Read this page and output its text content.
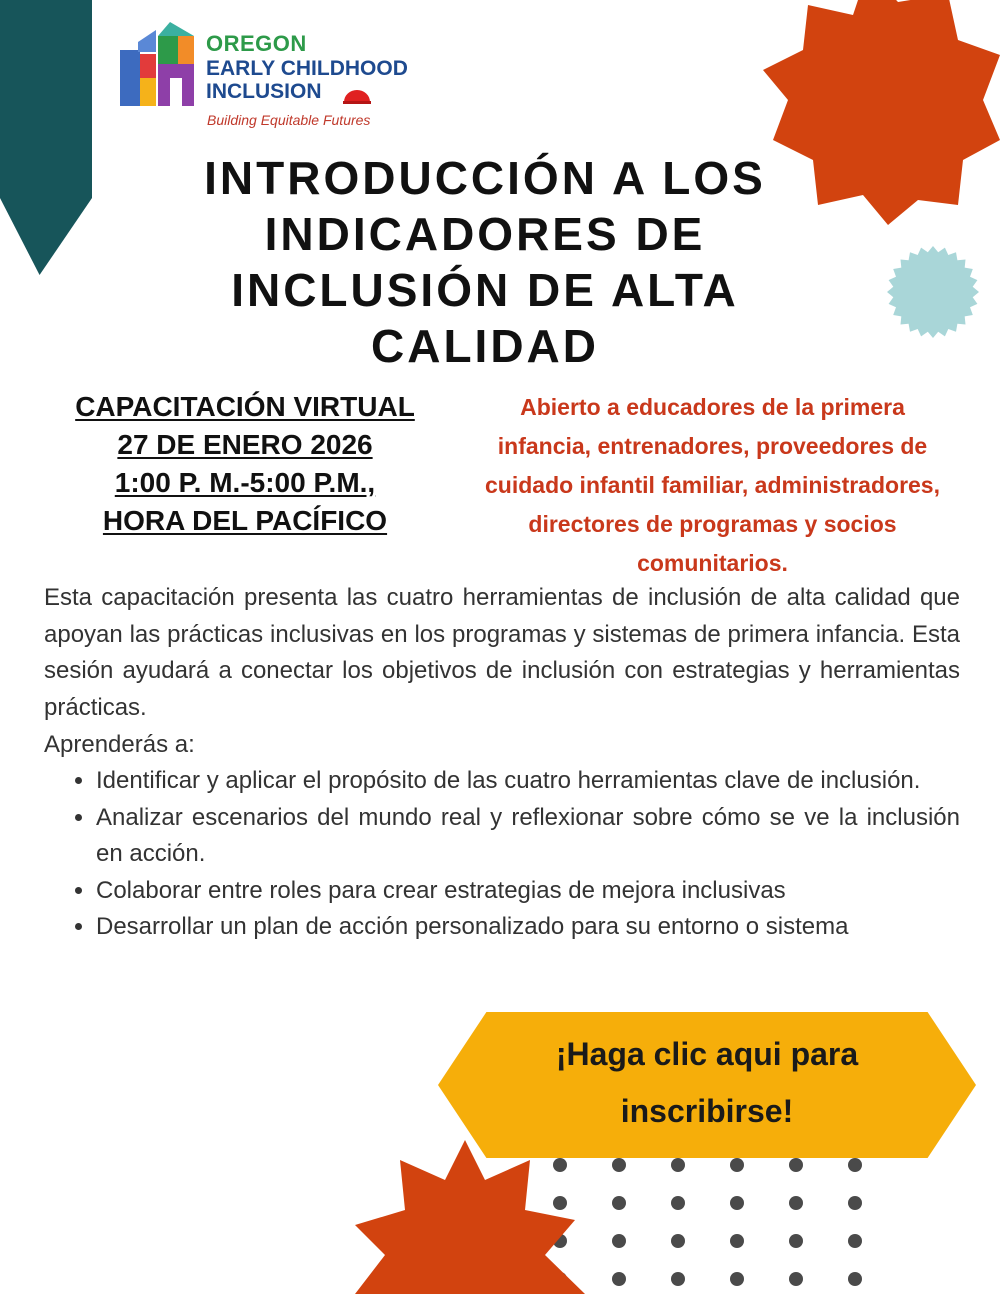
OREGON
EARLY CHILDHOOD
INCLUSION
Building Equitable Futures
INTRODUCCIÓN A LOS
INDICADORES DE
INCLUSIÓN DE ALTA
CALIDAD
CAPACITACIÓN VIRTUAL
27 DE ENERO 2026
1:00 P. M.-5:00 P.M.,
HORA DEL PACÍFICO
Abierto a educadores de la primera
infancia, entrenadores, proveedores de
cuidado infantil familiar, administradores,
directores de programas y socios
comunitarios.

Esta capacitación presenta las cuatro herramientas de inclusión de alta calidad que apoyan las prácticas inclusivas en los programas y sistemas de primera infancia. Esta sesión ayudará a conectar los objetivos de inclusión con estrategias y herramientas prácticas.

Aprenderás a:
• Identificar y aplicar el propósito de las cuatro herramientas clave de inclusión.
• Analizar escenarios del mundo real y reflexionar sobre cómo se ve la inclusión en acción.
• Colaborar entre roles para crear estrategias de mejora inclusivas
• Desarrollar un plan de acción personalizado para su entorno o sistema
¡Haga clic aqui para
inscribirse!
